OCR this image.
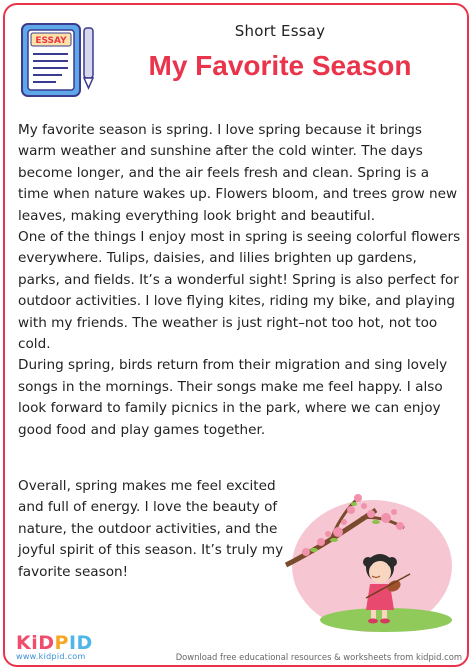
ESSAY
Short Essay
My Favorite Season

My favorite season is spring. I love spring because it brings warm weather and sunshine after the cold winter. The days become longer, and the air feels fresh and clean. Spring is a time when nature wakes up. Flowers bloom, and trees grow new leaves, making everything look bright and beautiful.

One of the things I enjoy most in spring is seeing colorful flowers everywhere. Tulips, daisies, and lilies brighten up gardens, parks, and fields. It’s a wonderful sight! Spring is also perfect for outdoor activities. I love flying kites, riding my bike, and playing with my friends. The weather is just right–not too hot, not too cold.

During spring, birds return from their migration and sing lovely songs in the mornings. Their songs make me feel happy. I also look forward to family picnics in the park, where we can enjoy good food and play games together.

Overall, spring makes me feel excited and full of energy. I love the beauty of nature, the outdoor activities, and the joyful spirit of this season. It’s truly my favorite season!

KiDPID
www.kidpid.com	Download free educational resources & worksheets from kidpid.com
